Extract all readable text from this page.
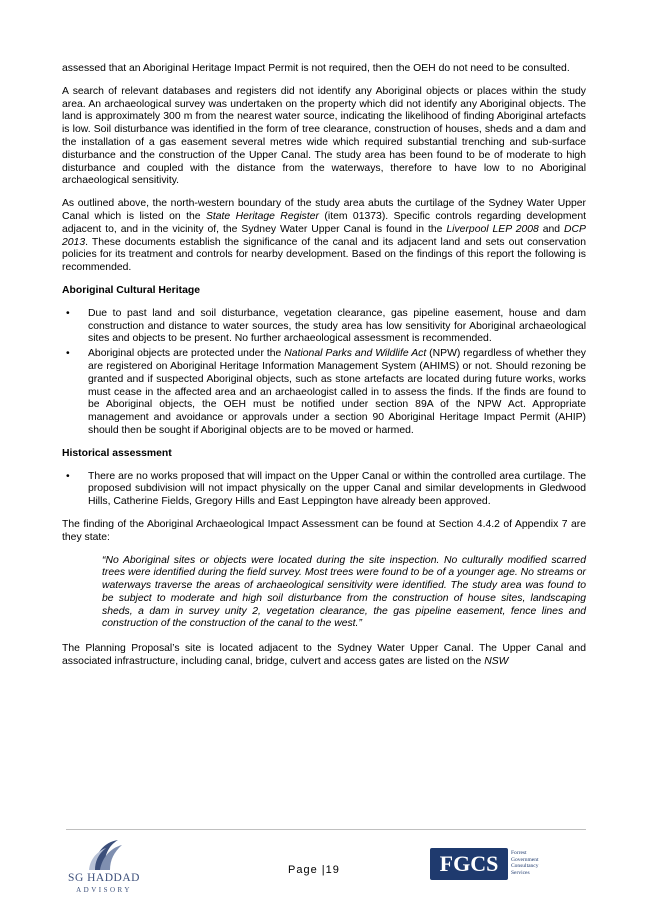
assessed that an Aboriginal Heritage Impact Permit is not required, then the OEH do not need to be consulted.

A search of relevant databases and registers did not identify any Aboriginal objects or places within the study area. An archaeological survey was undertaken on the property which did not identify any Aboriginal objects. The land is approximately 300 m from the nearest water source, indicating the likelihood of finding Aboriginal artefacts is low. Soil disturbance was identified in the form of tree clearance, construction of houses, sheds and a dam and the installation of a gas easement several metres wide which required substantial trenching and sub-surface disturbance and the construction of the Upper Canal. The study area has been found to be of moderate to high disturbance and coupled with the distance from the waterways, therefore to have low to no Aboriginal archaeological sensitivity.

As outlined above, the north-western boundary of the study area abuts the curtilage of the Sydney Water Upper Canal which is listed on the State Heritage Register (item 01373). Specific controls regarding development adjacent to, and in the vicinity of, the Sydney Water Upper Canal is found in the Liverpool LEP 2008 and DCP 2013. These documents establish the significance of the canal and its adjacent land and sets out conservation policies for its treatment and controls for nearby development. Based on the findings of this report the following is recommended.

Aboriginal Cultural Heritage
• Due to past land and soil disturbance, vegetation clearance, gas pipeline easement, house and dam construction and distance to water sources, the study area has low sensitivity for Aboriginal archaeological sites and objects to be present. No further archaeological assessment is recommended.
• Aboriginal objects are protected under the National Parks and Wildlife Act (NPW) regardless of whether they are registered on Aboriginal Heritage Information Management System (AHIMS) or not. Should rezoning be granted and if suspected Aboriginal objects, such as stone artefacts are located during future works, works must cease in the affected area and an archaeologist called in to assess the finds. If the finds are found to be Aboriginal objects, the OEH must be notified under section 89A of the NPW Act. Appropriate management and avoidance or approvals under a section 90 Aboriginal Heritage Impact Permit (AHIP) should then be sought if Aboriginal objects are to be moved or harmed.
Historical assessment
• There are no works proposed that will impact on the Upper Canal or within the controlled area curtilage. The proposed subdivision will not impact physically on the upper Canal and similar developments in Gledwood Hills, Catherine Fields, Gregory Hills and East Leppington have already been approved.

The finding of the Aboriginal Archaeological Impact Assessment can be found at Section 4.4.2 of Appendix 7 are they state:

“No Aboriginal sites or objects were located during the site inspection. No culturally modified scarred trees were identified during the field survey. Most trees were found to be of a younger age. No streams or waterways traverse the areas of archaeological sensitivity were identified. The study area was found to be subject to moderate and high soil disturbance from the construction of house sites, landscaping sheds, a dam in survey unity 2, vegetation clearance, the gas pipeline easement, fence lines and construction of the construction of the canal to the west.”

The Planning Proposal’s site is located adjacent to the Sydney Water Upper Canal. The Upper Canal and associated infrastructure, including canal, bridge, culvert and access gates are listed on the NSW

SG HADDAD
ADVISORY
Page |19	FGCS	Forrest
Government
Consultancy
Services
